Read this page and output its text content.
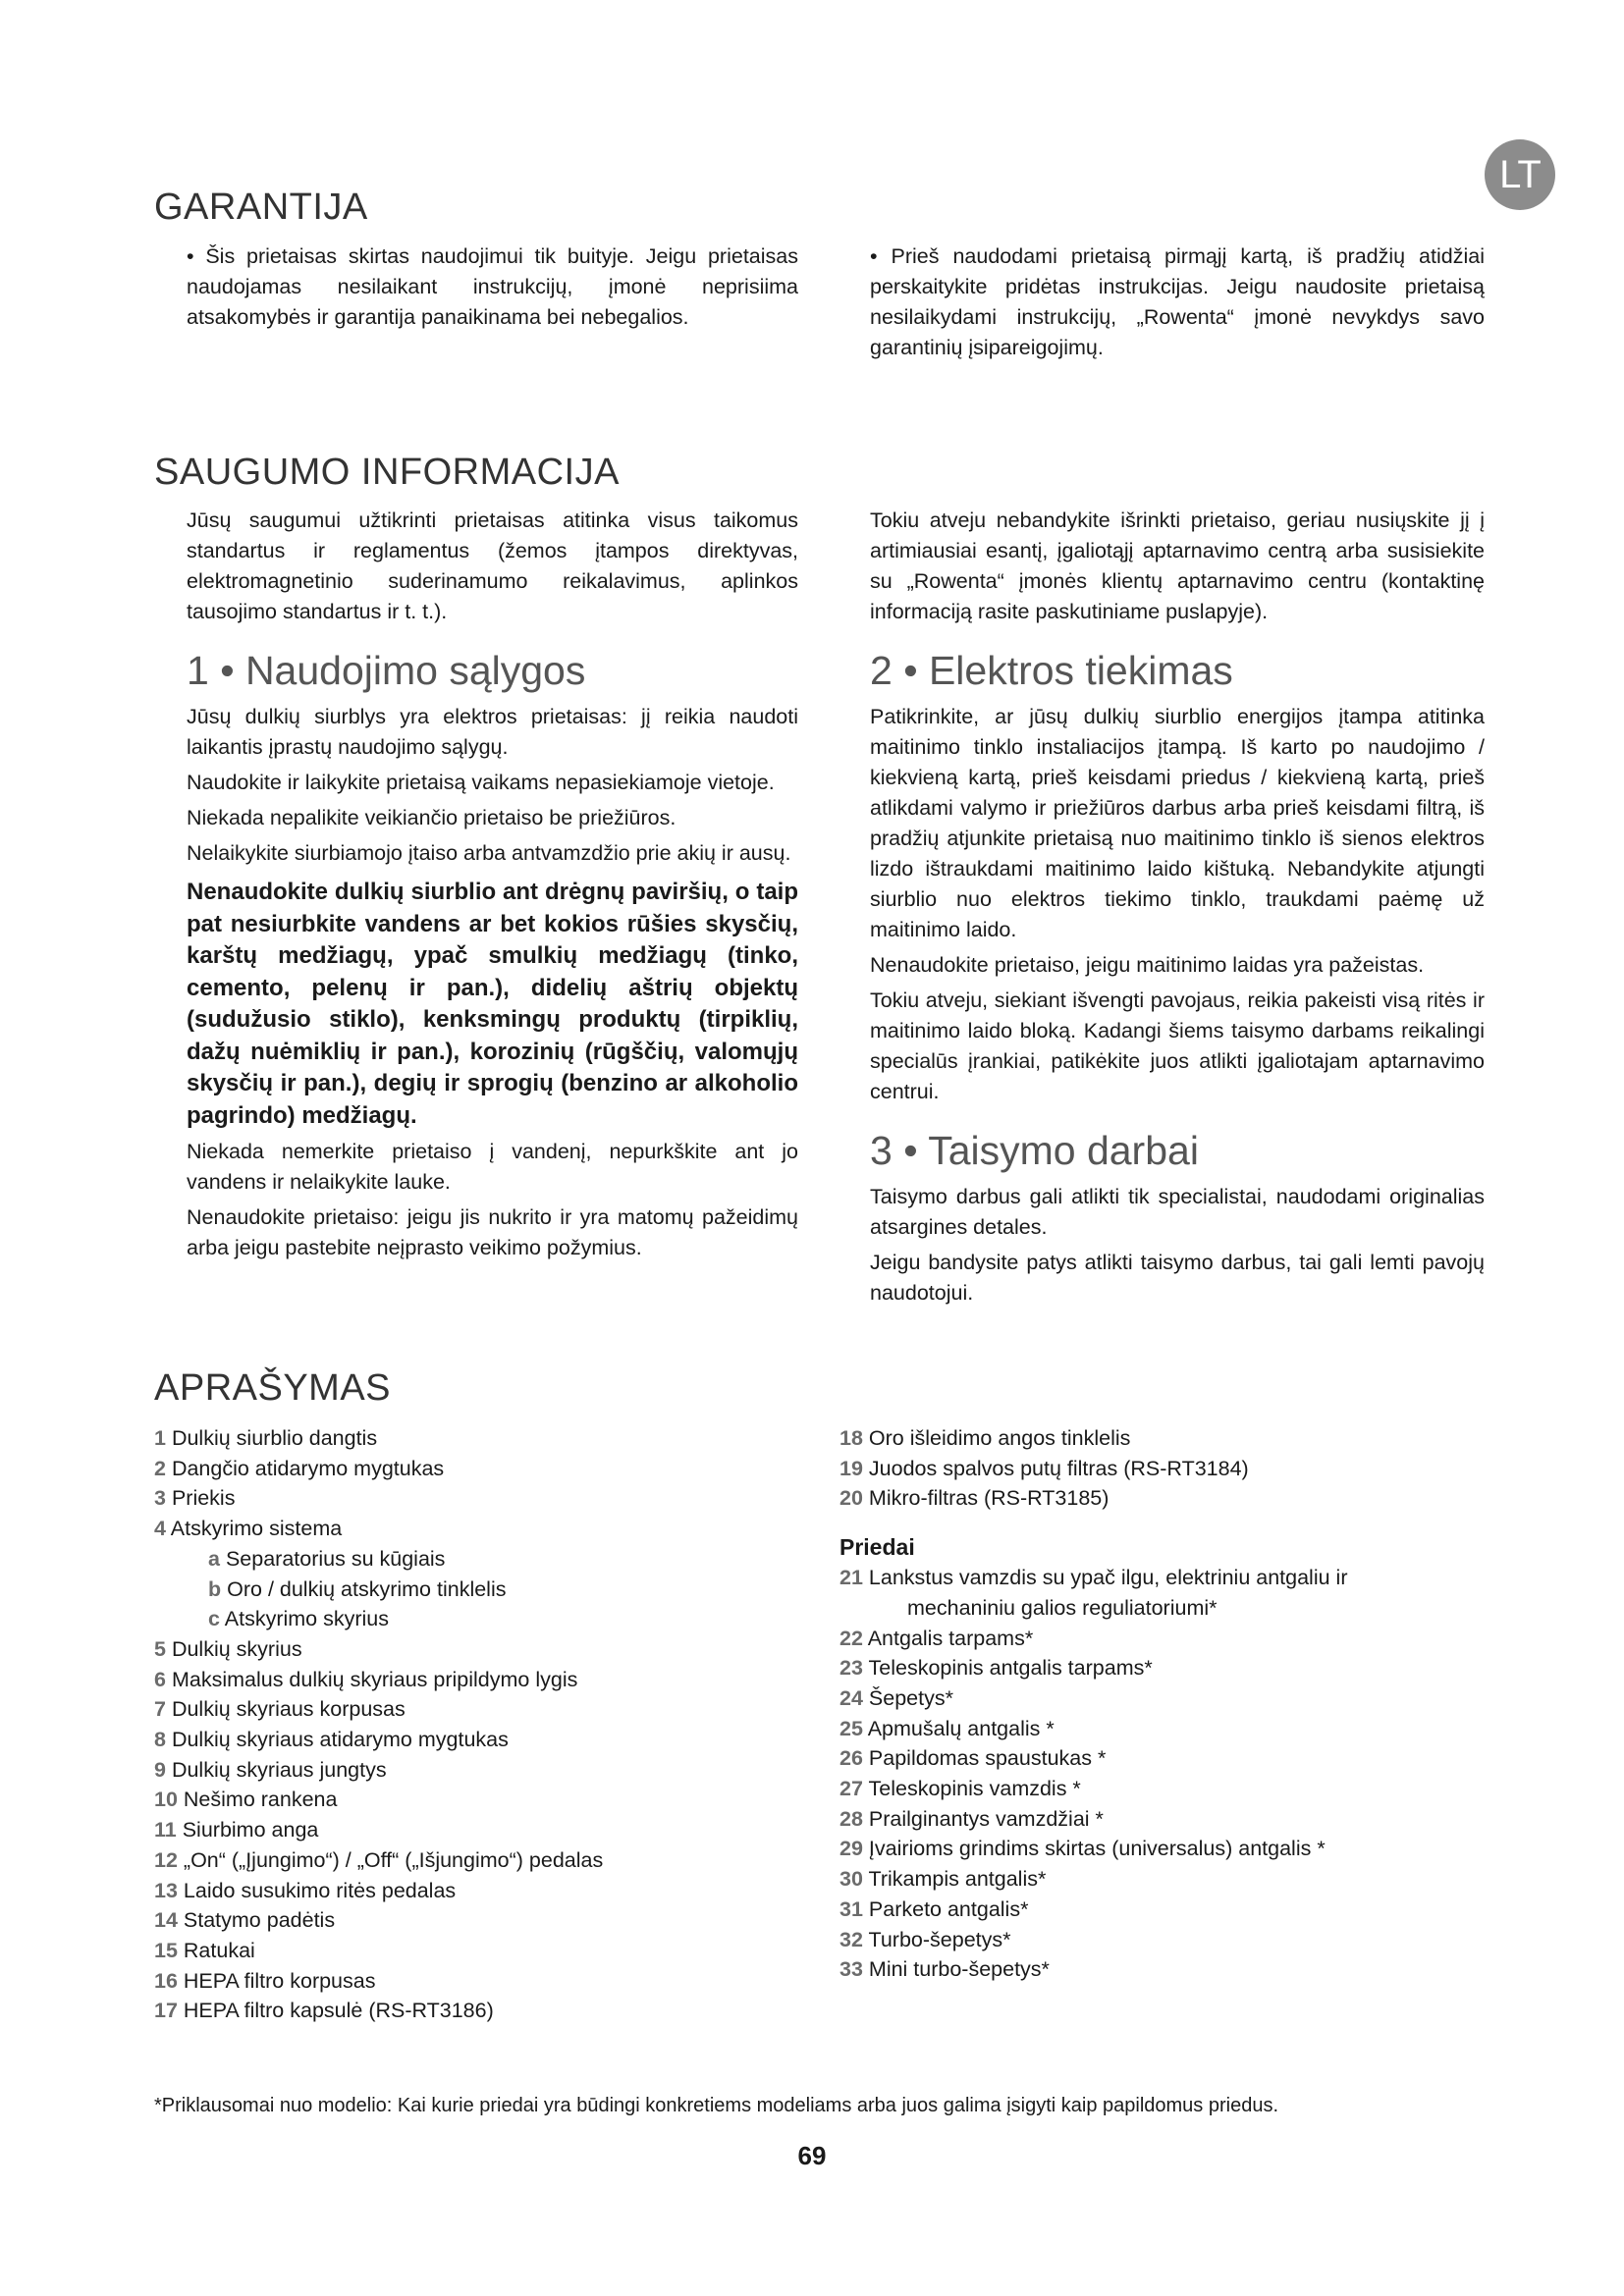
LT
GARANTIJA

• Šis prietaisas skirtas naudojimui tik buityje. Jeigu prietaisas naudojamas nesilaikant instrukcijų, įmonė neprisiima atsakomybės ir garantija panaikinama bei nebegalios.

• Prieš naudodami prietaisą pirmąjį kartą, iš pradžių atidžiai perskaitykite pridėtas instrukcijas. Jeigu naudosite prietaisą nesilaikydami instrukcijų, „Rowenta“ įmonė nevykdys savo garantinių įsipareigojimų.

SAUGUMO INFORMACIJA

Jūsų saugumui užtikrinti prietaisas atitinka visus taikomus standartus ir reglamentus (žemos įtampos direktyvas, elektromagnetinio suderinamumo reikalavimus, aplinkos tausojimo standartus ir t. t.).

1 • Naudojimo sąlygos

Jūsų dulkių siurblys yra elektros prietaisas: jį reikia naudoti laikantis įprastų naudojimo sąlygų.

Naudokite ir laikykite prietaisą vaikams nepasiekiamoje vietoje.

Niekada nepalikite veikiančio prietaiso be priežiūros.

Nelaikykite siurbiamojo įtaiso arba antvamzdžio prie akių ir ausų.

Nenaudokite dulkių siurblio ant drėgnų paviršių, o taip pat nesiurbkite vandens ar bet kokios rūšies skysčių, karštų medžiagų, ypač smulkių medžiagų (tinko, cemento, pelenų ir pan.), didelių aštrių objektų (sudužusio stiklo), kenksmingų produktų (tirpiklių, dažų nuėmiklių ir pan.), korozinių (rūgščių, valomųjų skysčių ir pan.), degių ir sprogių (benzino ar alkoholio pagrindo) medžiagų.

Niekada nemerkite prietaiso į vandenį, nepurkškite ant jo vandens ir nelaikykite lauke.

Nenaudokite prietaiso: jeigu jis nukrito ir yra matomų pažeidimų arba jeigu pastebite neįprasto veikimo požymius.

Tokiu atveju nebandykite išrinkti prietaiso, geriau nusiųskite jį į artimiausiai esantį, įgaliotąjį aptarnavimo centrą arba susisiekite su „Rowenta“ įmonės klientų aptarnavimo centru (kontaktinę informaciją rasite paskutiniame puslapyje).

2 • Elektros tiekimas

Patikrinkite, ar jūsų dulkių siurblio energijos įtampa atitinka maitinimo tinklo instaliacijos įtampą. Iš karto po naudojimo / kiekvieną kartą, prieš keisdami priedus / kiekvieną kartą, prieš atlikdami valymo ir priežiūros darbus arba prieš keisdami filtrą, iš pradžių atjunkite prietaisą nuo maitinimo tinklo iš sienos elektros lizdo ištraukdami maitinimo laido kištuką. Nebandykite atjungti siurblio nuo elektros tiekimo tinklo, traukdami paėmę už maitinimo laido.

Nenaudokite prietaiso, jeigu maitinimo laidas yra pažeistas.

Tokiu atveju, siekiant išvengti pavojaus, reikia pakeisti visą ritės ir maitinimo laido bloką. Kadangi šiems taisymo darbams reikalingi specialūs įrankiai, patikėkite juos atlikti įgaliotajam aptarnavimo centrui.

3 • Taisymo darbai

Taisymo darbus gali atlikti tik specialistai, naudodami originalias atsargines detales.

Jeigu bandysite patys atlikti taisymo darbus, tai gali lemti pavojų naudotojui.

APRAŠYMAS
1 Dulkių siurblio dangtis
2 Dangčio atidarymo mygtukas
3 Priekis
4 Atskyrimo sistema
a Separatorius su kūgiais
b Oro / dulkių atskyrimo tinklelis
c Atskyrimo skyrius
5 Dulkių skyrius
6 Maksimalus dulkių skyriaus pripildymo lygis
7 Dulkių skyriaus korpusas
8 Dulkių skyriaus atidarymo mygtukas
9 Dulkių skyriaus jungtys
10 Nešimo rankena
11 Siurbimo anga
12 „On“ („Įjungimo“) / „Off“ („Išjungimo“) pedalas
13 Laido susukimo ritės pedalas
14 Statymo padėtis
15 Ratukai
16 HEPA filtro korpusas
17 HEPA filtro kapsulė (RS-RT3186)
18 Oro išleidimo angos tinklelis
19 Juodos spalvos putų filtras (RS-RT3184)
20 Mikro-filtras (RS-RT3185)
Priedai
21 Lankstus vamzdis su ypač ilgu, elektriniu antgaliu ir
mechaniniu galios reguliatoriumi*
22 Antgalis tarpams*
23 Teleskopinis antgalis tarpams*
24 Šepetys*
25 Apmušalų antgalis *
26 Papildomas spaustukas *
27 Teleskopinis vamzdis *
28 Prailginantys vamzdžiai *
29 Įvairioms grindims skirtas (universalus) antgalis *
30 Trikampis antgalis*
31 Parketo antgalis*
32 Turbo-šepetys*
33 Mini turbo-šepetys*
*Priklausomai nuo modelio: Kai kurie priedai yra būdingi konkretiems modeliams arba juos galima įsigyti kaip papildomus priedus.
69
